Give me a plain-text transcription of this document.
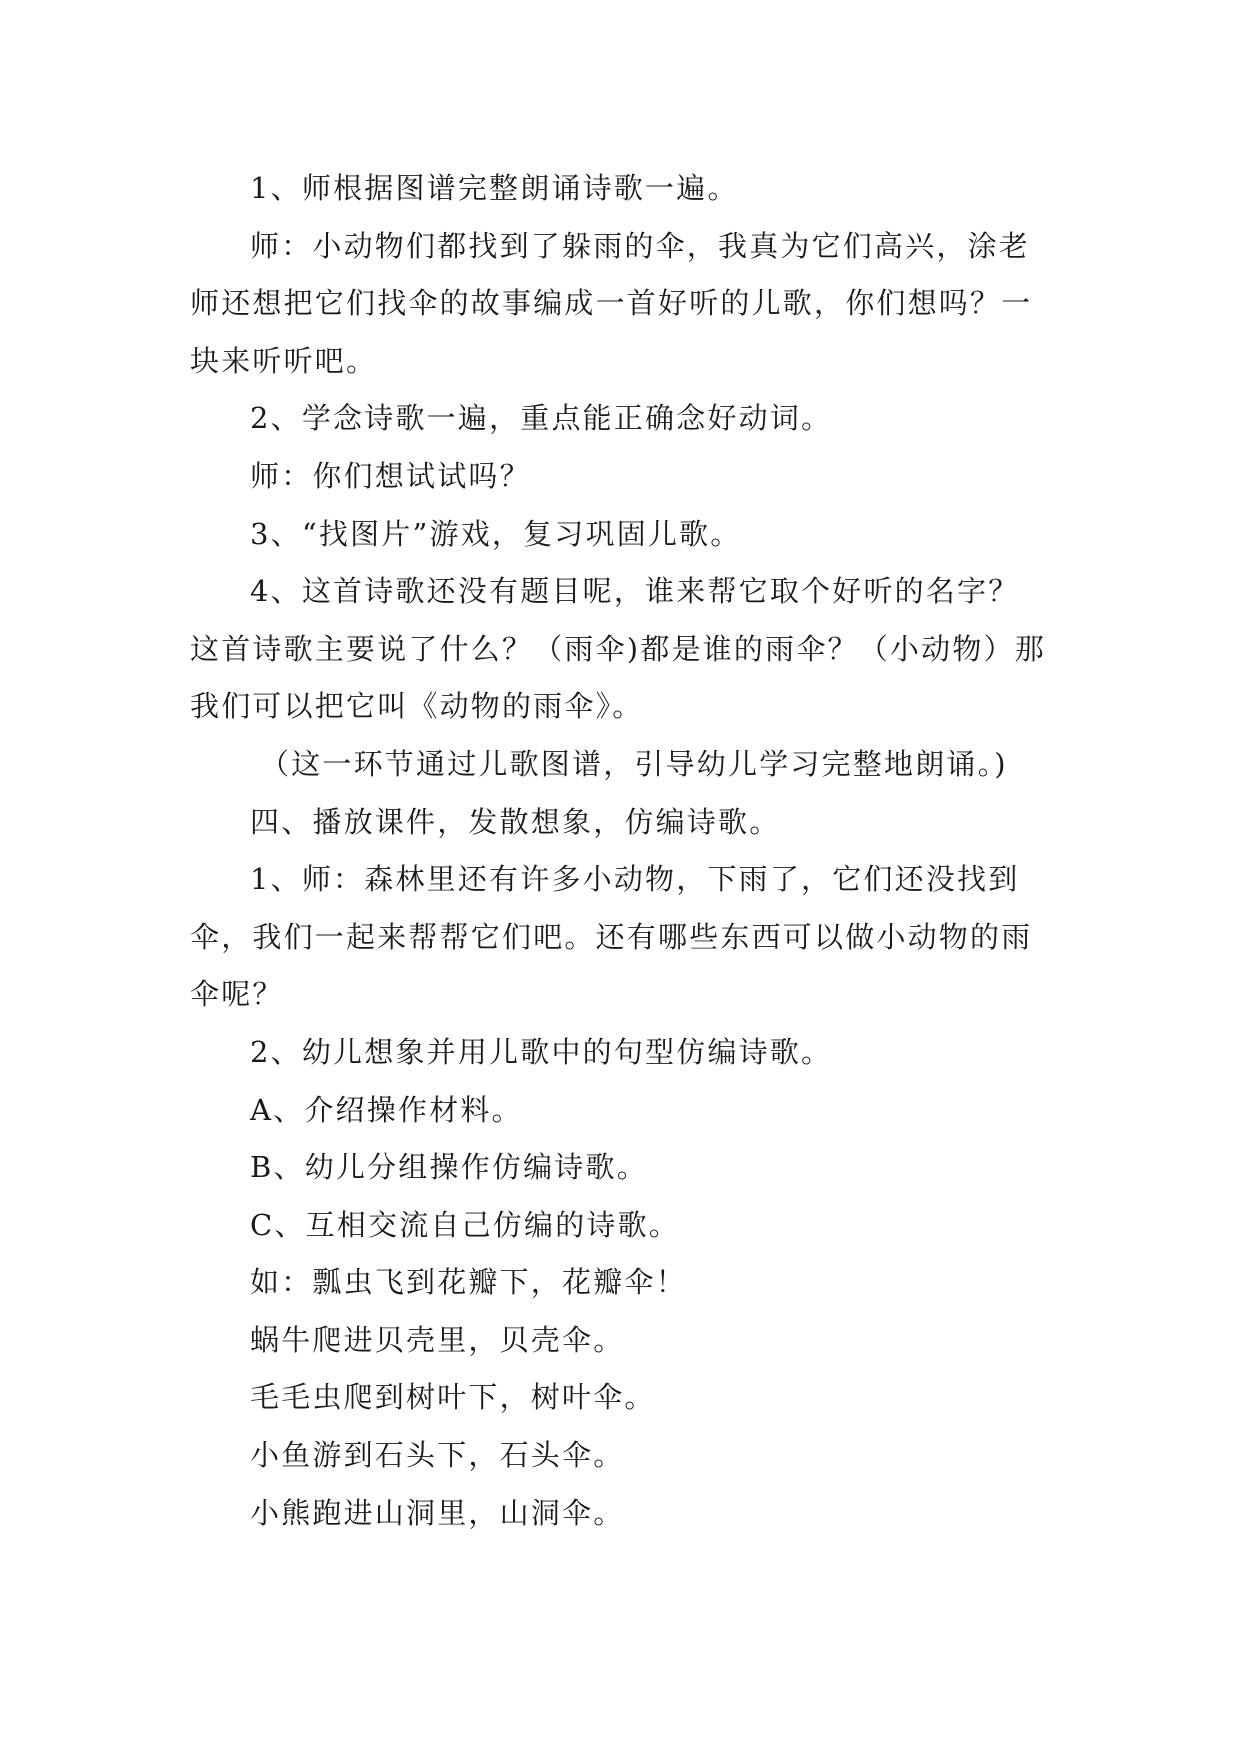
1、师根据图谱完整朗诵诗歌一遍。

师：小动物们都找到了躲雨的伞，我真为它们高兴，涂老师还想把它们找伞的故事编成一首好听的儿歌，你们想吗？一块来听听吧。

2、学念诗歌一遍，重点能正确念好动词。

师：你们想试试吗？

3、“找图片”游戏，复习巩固儿歌。

4、这首诗歌还没有题目呢，谁来帮它取个好听的名字？这首诗歌主要说了什么？（雨伞)都是谁的雨伞？（小动物）那我们可以把它叫《动物的雨伞》。

（这一环节通过儿歌图谱，引导幼儿学习完整地朗诵。)

四、播放课件，发散想象，仿编诗歌。

1、师：森林里还有许多小动物，下雨了，它们还没找到伞，我们一起来帮帮它们吧。还有哪些东西可以做小动物的雨伞呢？

2、幼儿想象并用儿歌中的句型仿编诗歌。

A、介绍操作材料。

B、幼儿分组操作仿编诗歌。

C、互相交流自己仿编的诗歌。

如：瓢虫飞到花瓣下，花瓣伞！

蜗牛爬进贝壳里，贝壳伞。

毛毛虫爬到树叶下，树叶伞。

小鱼游到石头下，石头伞。

小熊跑进山洞里，山洞伞。
